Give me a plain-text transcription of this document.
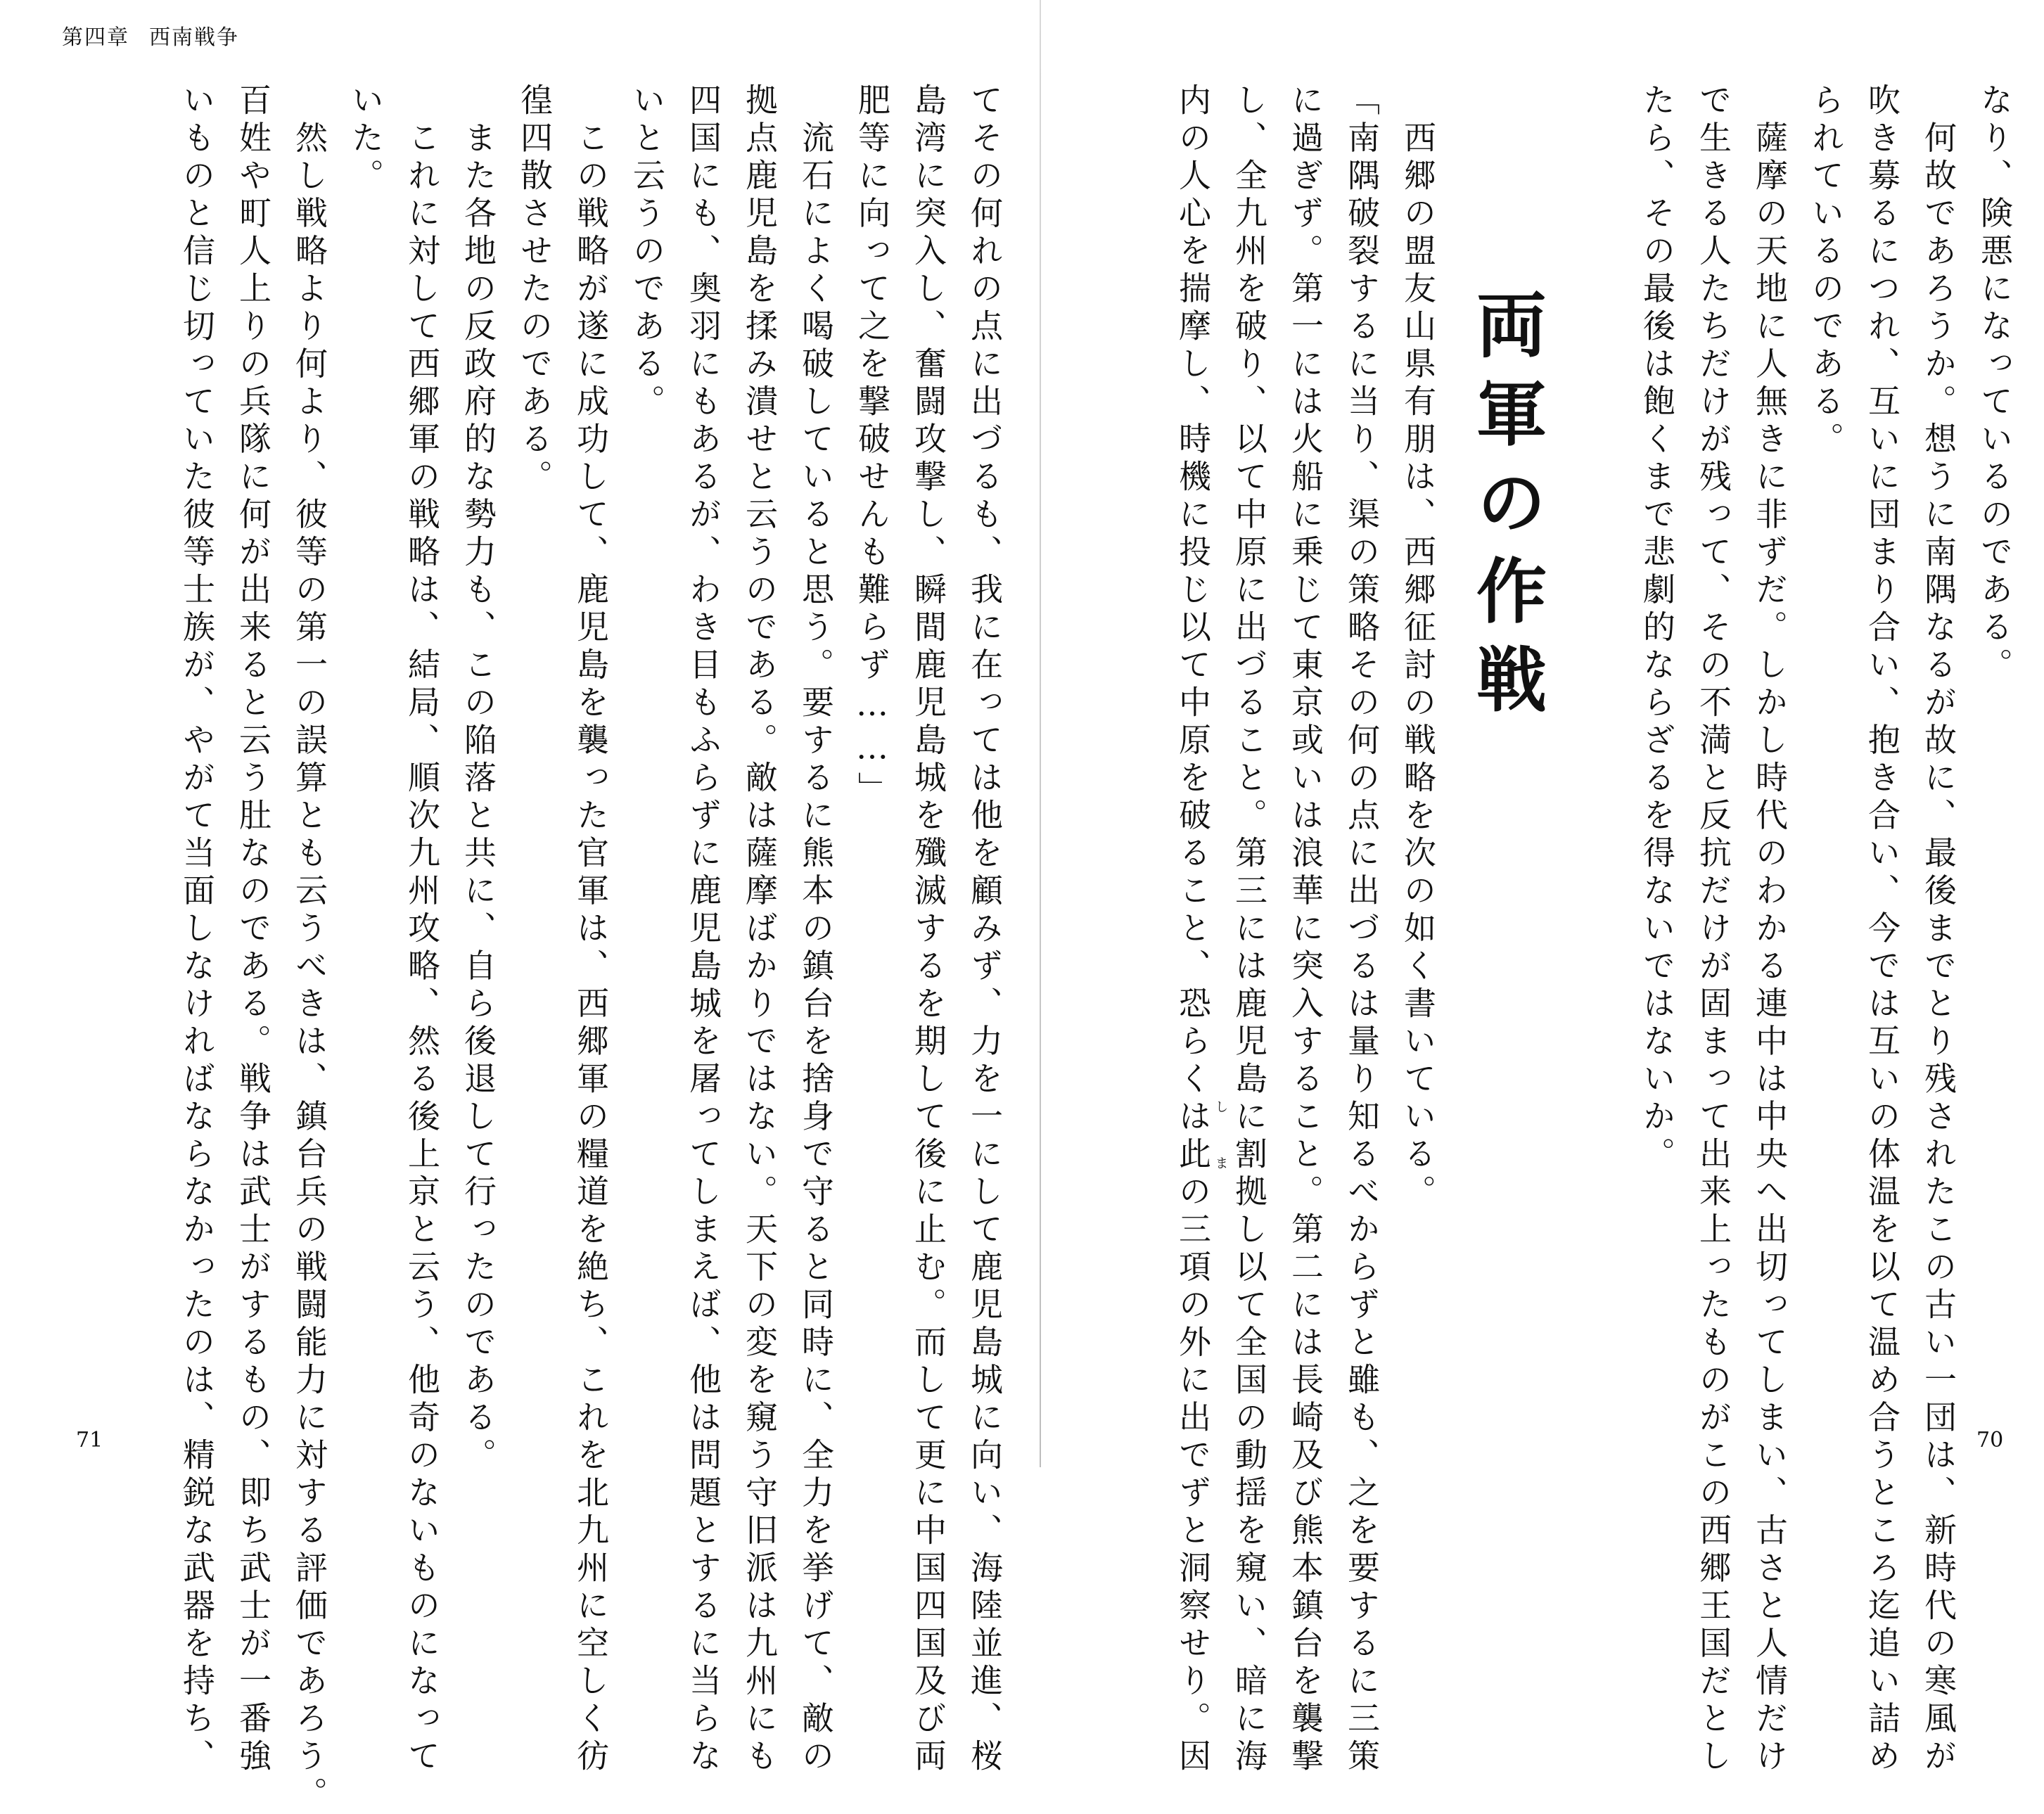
第四章 西南戦争
てその何れの点に出づるも、我に在っては他を顧みず、力を一にして鹿児島城に向い、海陸並進、桜
島湾に突入し、奮闘攻撃し、瞬間鹿児島城を殲滅するを期して後に止む。而して更に中国四国及び両
肥等に向って之を撃破せんも難らず……」
　流石によく喝破していると思う。要するに熊本の鎮台を捨身で守ると同時に、全力を挙げて、敵の
拠点鹿児島を揉み潰せと云うのである。敵は薩摩ばかりではない。天下の変を窺う守旧派は九州にも
四国にも、奥羽にもあるが、わき目もふらずに鹿児島城を屠ってしまえば、他は問題とするに当らな
いと云うのである。
　この戦略が遂に成功して、鹿児島を襲った官軍は、西郷軍の糧道を絶ち、これを北九州に空しく彷
徨四散させたのである。
　また各地の反政府的な勢力も、この陥落と共に、自ら後退して行ったのである。
　これに対して西郷軍の戦略は、結局、順次九州攻略、然る後上京と云う、他奇のないものになって
いた。
　然し戦略より何より、彼等の第一の誤算とも云うべきは、鎮台兵の戦闘能力に対する評価であろう。
百姓や町人上りの兵隊に何が出来ると云う肚なのである。戦争は武士がするもの、即ち武士が一番強
いものと信じ切っていた彼等士族が、やがて当面しなければならなかったのは、精鋭な武器を持ち、
71	70
なり、険悪になっているのである。
　何故であろうか。想うに南隅なるが故に、最後までとり残されたこの古い一団は、新時代の寒風が
吹き募るにつれ、互いに団まり合い、抱き合い、今では互いの体温を以て温め合うところ迄追い詰め
られているのである。
　薩摩の天地に人無きに非ずだ。しかし時代のわかる連中は中央へ出切ってしまい、古さと人情だけ
で生きる人たちだけが残って、その不満と反抗だけが固まって出来上ったものがこの西郷王国だとし
たら、その最後は飽くまで悲劇的ならざるを得ないではないか。
　西郷の盟友山県有朋は、西郷征討の戦略を次の如く書いている。
「南隅破裂するに当り、渠の策略その何の点に出づるは量り知るべからずと雖も、之を要するに三策
に過ぎず。第一には火船に乗じて東京或いは浪華に突入すること。第二には長崎及び熊本鎮台を襲撃
し、全九州を破り、以て中原に出づること。第三には鹿児島に割拠し以て全国の動揺を窺い、暗に海
内の人心を揣摩し、時機に投じ以て中原を破ること、恐らくは此の三項の外に出でずと洞察せり。因	両軍の作戦
し
ま
